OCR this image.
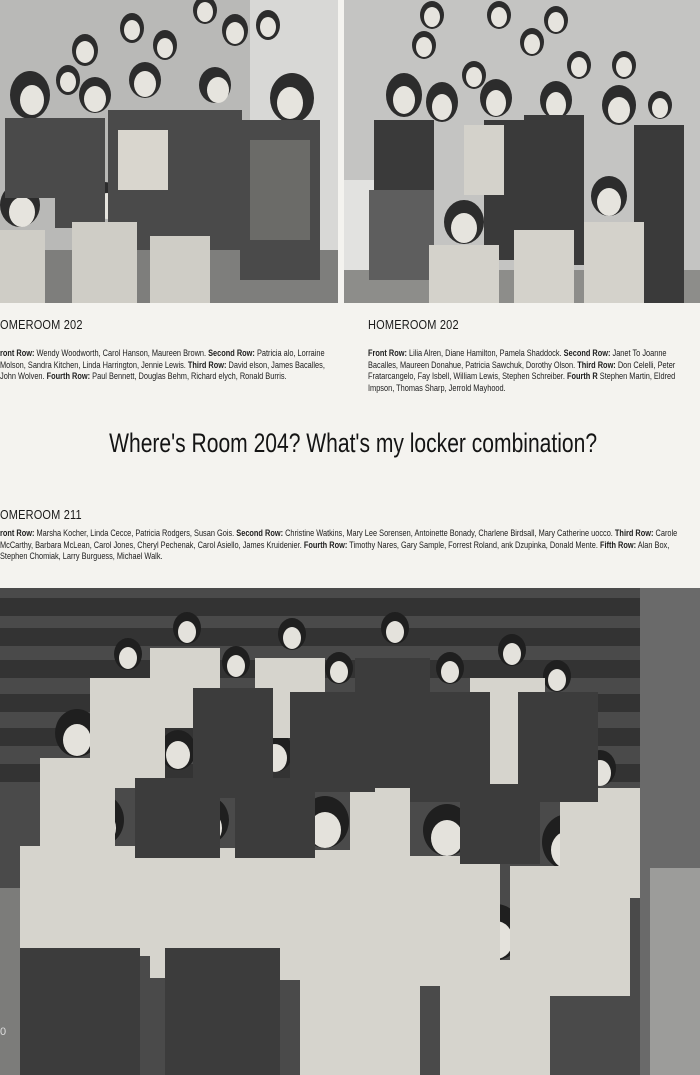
OMEROOM 202
ront Row: Wendy Woodworth, Carol Hanson, Maureen Brown. Second Row: Patricia alo, Lorraine Molson, Sandra Kitchen, Linda Harrington, Jennie Lewis. Third Row: David elson, James Bacalles, John Wolven. Fourth Row: Paul Bennett, Douglas Behm, Richard elych, Ronald Burris.
HOMEROOM 202
Front Row: Lilia Alren, Diane Hamilton, Pamela Shaddock. Second Row: Janet To Joanne Bacalles, Maureen Donahue, Patricia Sawchuk, Dorothy Olson. Third Row: Don Celelli, Peter Fratarcangelo, Fay Isbell, William Lewis, Stephen Schreiber. Fourth R Stephen Martin, Eldred Impson, Thomas Sharp, Jerrold Mayhood.
Where's Room 204? What's my locker combination?
OMEROOM 211
ront Row: Marsha Kocher, Linda Cecce, Patricia Rodgers, Susan Gois. Second Row: Christine Watkins, Mary Lee Sorensen, Antoinette Bonady, Charlene Birdsall, Mary Catherine uocco. Third Row: Carole McCarthy, Barbara McLean, Carol Jones, Cheryl Pechenak, Carol Asiello, James Kruidenier. Fourth Row: Timothy Nares, Gary Sample, Forrest Roland, ank Dzupinka, Donald Mente. Fifth Row: Alan Box, Stephen Chomiak, Larry Burguess, Michael Walk.
0
